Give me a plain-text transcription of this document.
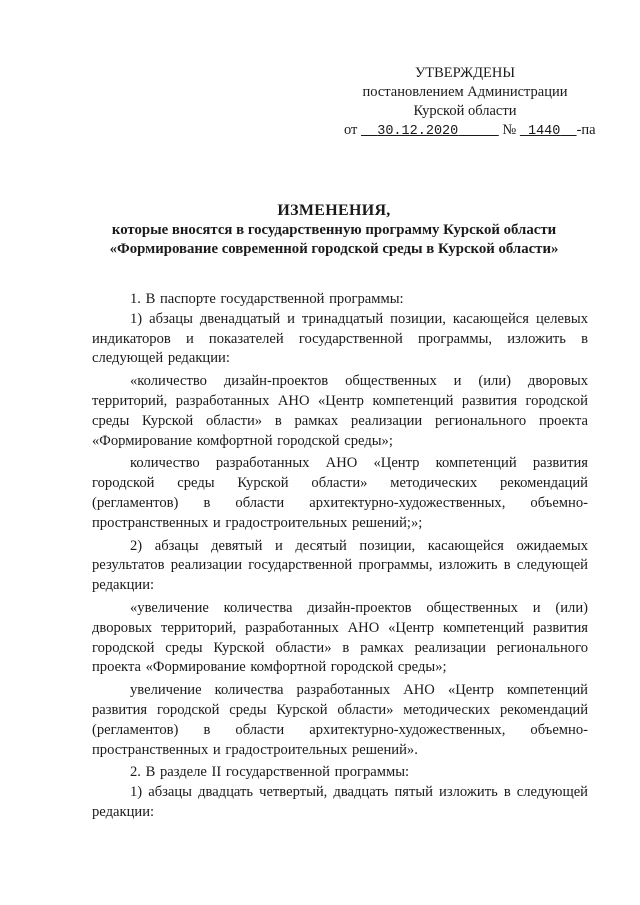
УТВЕРЖДЕНЫ
постановлением Администрации
Курской области
от 30.12.2020	№ 1440 -па
ИЗМЕНЕНИЯ,
которые вносятся в государственную программу Курской области
«Формирование современной городской среды в Курской области»

1. В паспорте государственной программы:

1) абзацы двенадцатый и тринадцатый позиции, касающейся целевых индикаторов и показателей государственной программы, изложить в следующей редакции:

«количество дизайн-проектов общественных и (или) дворовых территорий, разработанных АНО «Центр компетенций развития городской среды Курской области» в рамках реализации регионального проекта «Формирование комфортной городской среды»;

количество разработанных АНО «Центр компетенций развития городской среды Курской области» методических рекомендаций (регламентов) в области архитектурно-художественных, объемно-пространственных и градостроительных решений;»;

2) абзацы девятый и десятый позиции, касающейся ожидаемых результатов реализации государственной программы, изложить в следующей редакции:

«увеличение количества дизайн-проектов общественных и (или) дворовых территорий, разработанных АНО «Центр компетенций развития городской среды Курской области» в рамках реализации регионального проекта «Формирование комфортной городской среды»;

увеличение количества разработанных АНО «Центр компетенций развития городской среды Курской области» методических рекомендаций (регламентов) в области архитектурно-художественных, объемно-пространственных и градостроительных решений».

2. В разделе II государственной программы:

1) абзацы двадцать четвертый, двадцать пятый изложить в следующей редакции:
